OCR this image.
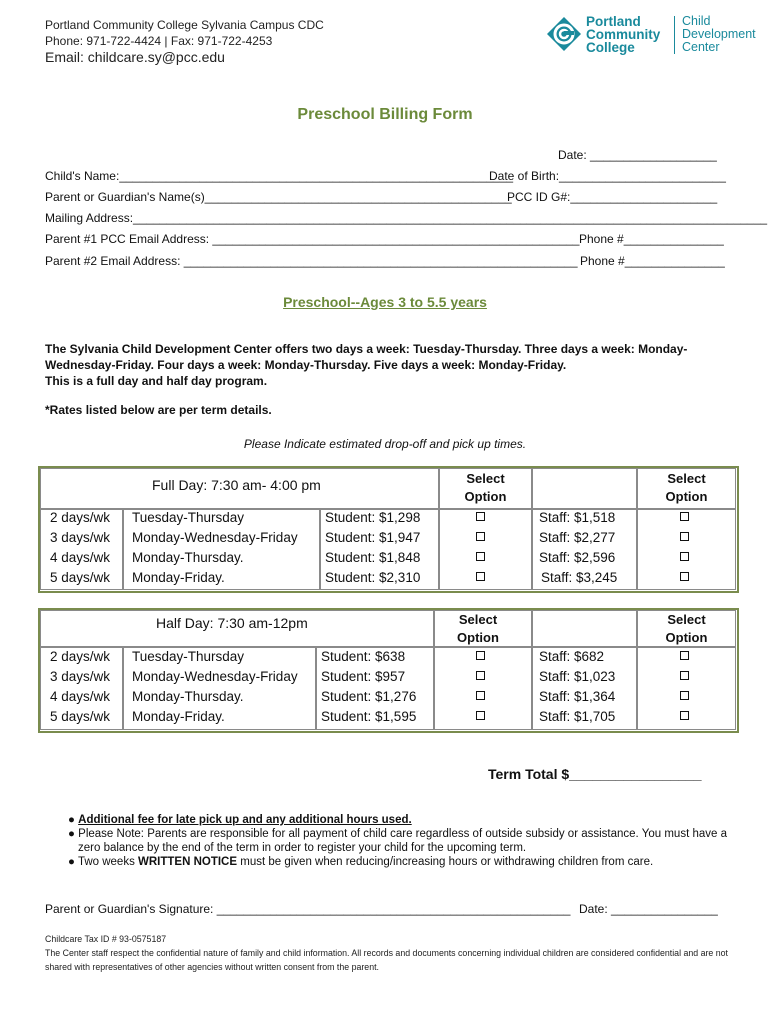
Portland Community College Sylvania Campus CDC
Phone: 971-722-4424 | Fax: 971-722-4253
Email: childcare.sy@pcc.edu
Portland
Community
College
Child
Development
Center
Preschool Billing Form
Date: ___________________
Child's Name:___________________________________________________________
Date of Birth:_________________________
Parent or Guardian's Name(s)______________________________________________
PCC ID G#:______________________
Mailing Address:_______________________________________________________________________________________________
Parent #1 PCC Email Address: _______________________________________________________ Phone #_______________
Parent #2 Email Address: ___________________________________________________________ Phone #_______________
Preschool--Ages 3 to 5.5 years
The Sylvania Child Development Center offers two days a week: Tuesday-Thursday. Three days a week: Monday-Wednesday-Friday. Four days a week: Monday-Thursday. Five days a week: Monday-Friday.
This is a full day and half day program.
*Rates listed below are per term details.
Please Indicate estimated drop-off and pick up times.
Full Day: 7:30 am- 4:00 pm	Select
Option
Select
Option
2 days/wk Tuesday-Thursday	Student: $1,298	Staff: $1,518
3 days/wk Monday-Wednesday-Friday Student: $1,947	Staff: $2,277
4 days/wk Monday-Thursday.	Student: $1,848	Staff: $2,596
5 days/wk Monday-Friday.	Student: $2,310	Staff: $3,245
Half Day: 7:30 am-12pm	Select
Option
Select
Option
2 days/wk Tuesday-Thursday	Student: $638	Staff: $682
3 days/wk Monday-Wednesday-Friday Student: $957	Staff: $1,023
4 days/wk Monday-Thursday.	Student: $1,276	Staff: $1,364
5 days/wk Monday-Friday.	Student: $1,595	Staff: $1,705
Term Total $_________________

● Additional fee for late pick up and any additional hours used.

● Please Note: Parents are responsible for all payment of child care regardless of outside subsidy or assistance. You must have a zero balance by the end of the term in order to register your child for the upcoming term.

● Two weeks WRITTEN NOTICE must be given when reducing/increasing hours or withdrawing children from care.

Parent or Guardian's Signature: _____________________________________________________ Date: ________________
Childcare Tax ID # 93-0575187
The Center staff respect the confidential nature of family and child information. All records and documents concerning individual children are considered confidential and are not shared with representatives of other agencies without written consent from the parent.
